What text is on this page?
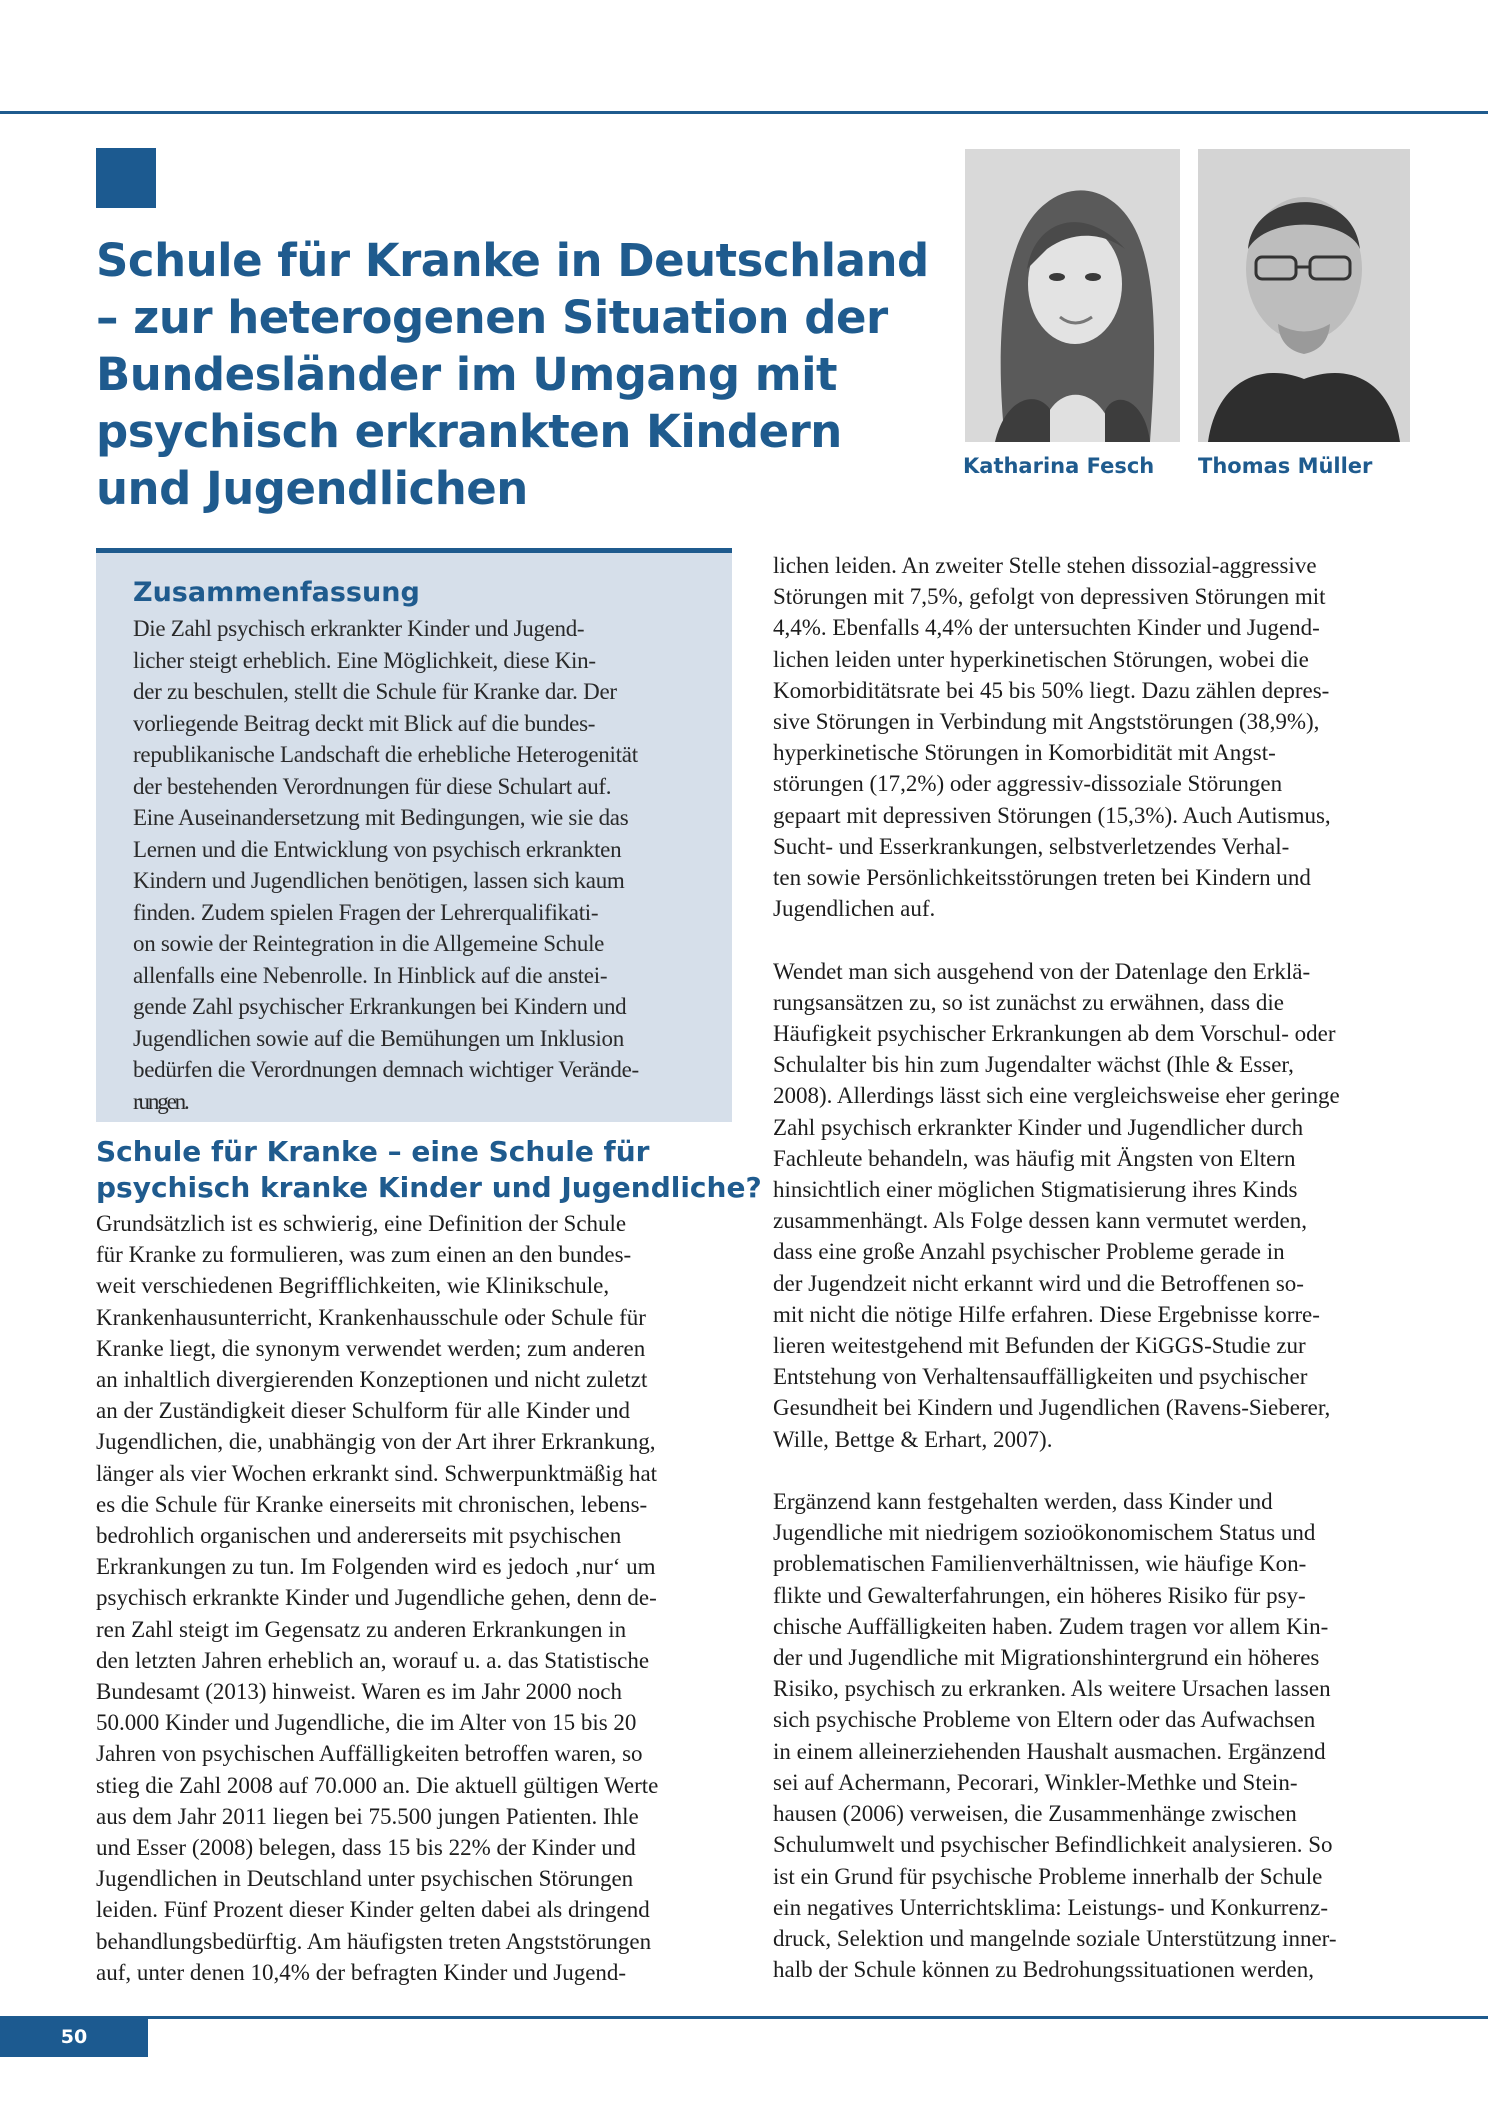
Schule für Kranke in Deutschland
– zur heterogenen Situation der
Bundesländer im Umgang mit
psychisch erkrankten Kindern
und Jugendlichen	Katharina Fesch Thomas Müller

Zusammenfassung
Die Zahl psychisch erkrankter Kinder und Jugend-
licher steigt erheblich. Eine Möglichkeit, diese Kin-
der zu beschulen, stellt die Schule für Kranke dar. Der
vorliegende Beitrag deckt mit Blick auf die bundes-
republikanische Landschaft die erhebliche Heterogenität
der bestehenden Verordnungen für diese Schulart auf.
Eine Auseinandersetzung mit Bedingungen, wie sie das
Lernen und die Entwicklung von psychisch erkrankten
Kindern und Jugendlichen benötigen, lassen sich kaum
finden. Zudem spielen Fragen der Lehrerqualifikati-
on sowie der Reintegration in die Allgemeine Schule
allenfalls eine Nebenrolle. In Hinblick auf die anstei-
gende Zahl psychischer Erkrankungen bei Kindern und
Jugendlichen sowie auf die Bemühungen um Inklusion
bedürfen die Verordnungen demnach wichtiger Verände-
rungen.
Schule für Kranke – eine Schule für
psychisch kranke Kinder und Jugendliche?
Grundsätzlich ist es schwierig, eine Definition der Schule
für Kranke zu formulieren, was zum einen an den bundes-
weit verschiedenen Begrifflichkeiten, wie Klinikschule,
Krankenhausunterricht, Krankenhausschule oder Schule für
Kranke liegt, die synonym verwendet werden; zum anderen
an inhaltlich divergierenden Konzeptionen und nicht zuletzt
an der Zuständigkeit dieser Schulform für alle Kinder und
Jugendlichen, die, unabhängig von der Art ihrer Erkrankung,
länger als vier Wochen erkrankt sind. Schwerpunktmäßig hat
es die Schule für Kranke einerseits mit chronischen, lebens-
bedrohlich organischen und andererseits mit psychischen
Erkrankungen zu tun. Im Folgenden wird es jedoch ‚nur‘ um
psychisch erkrankte Kinder und Jugendliche gehen, denn de-
ren Zahl steigt im Gegensatz zu anderen Erkrankungen in
den letzten Jahren erheblich an, worauf u. a. das Statistische
Bundesamt (2013) hinweist. Waren es im Jahr 2000 noch
50.000 Kinder und Jugendliche, die im Alter von 15 bis 20
Jahren von psychischen Auffälligkeiten betroffen waren, so
stieg die Zahl 2008 auf 70.000 an. Die aktuell gültigen Werte
aus dem Jahr 2011 liegen bei 75.500 jungen Patienten. Ihle
und Esser (2008) belegen, dass 15 bis 22% der Kinder und
Jugendlichen in Deutschland unter psychischen Störungen
leiden. Fünf Prozent dieser Kinder gelten dabei als dringend
behandlungsbedürftig. Am häufigsten treten Angststörungen
auf, unter denen 10,4% der befragten Kinder und Jugend-
lichen leiden. An zweiter Stelle stehen dissozial-aggressive
Störungen mit 7,5%, gefolgt von depressiven Störungen mit
4,4%. Ebenfalls 4,4% der untersuchten Kinder und Jugend-
lichen leiden unter hyperkinetischen Störungen, wobei die
Komorbiditätsrate bei 45 bis 50% liegt. Dazu zählen depres-
sive Störungen in Verbindung mit Angststörungen (38,9%),
hyperkinetische Störungen in Komorbidität mit Angst-
störungen (17,2%) oder aggressiv-dissoziale Störungen
gepaart mit depressiven Störungen (15,3%). Auch Autismus,
Sucht- und Esserkrankungen, selbstverletzendes Verhal-
ten sowie Persönlichkeitsstörungen treten bei Kindern und
Jugendlichen auf.
Wendet man sich ausgehend von der Datenlage den Erklä-
rungsansätzen zu, so ist zunächst zu erwähnen, dass die
Häufigkeit psychischer Erkrankungen ab dem Vorschul- oder
Schulalter bis hin zum Jugendalter wächst (Ihle & Esser,
2008). Allerdings lässt sich eine vergleichsweise eher geringe
Zahl psychisch erkrankter Kinder und Jugendlicher durch
Fachleute behandeln, was häufig mit Ängsten von Eltern
hinsichtlich einer möglichen Stigmatisierung ihres Kinds
zusammenhängt. Als Folge dessen kann vermutet werden,
dass eine große Anzahl psychischer Probleme gerade in
der Jugendzeit nicht erkannt wird und die Betroffenen so-
mit nicht die nötige Hilfe erfahren. Diese Ergebnisse korre-
lieren weitestgehend mit Befunden der KiGGS-Studie zur
Entstehung von Verhaltensauffälligkeiten und psychischer
Gesundheit bei Kindern und Jugendlichen (Ravens-Sieberer,
Wille, Bettge & Erhart, 2007).
Ergänzend kann festgehalten werden, dass Kinder und
Jugendliche mit niedrigem sozioökonomischem Status und
problematischen Familienverhältnissen, wie häufige Kon-
flikte und Gewalterfahrungen, ein höheres Risiko für psy-
chische Auffälligkeiten haben. Zudem tragen vor allem Kin-
der und Jugendliche mit Migrationshintergrund ein höheres
Risiko, psychisch zu erkranken. Als weitere Ursachen lassen
sich psychische Probleme von Eltern oder das Aufwachsen
in einem alleinerziehenden Haushalt ausmachen. Ergänzend
sei auf Achermann, Pecorari, Winkler-Methke und Stein-
hausen (2006) verweisen, die Zusammenhänge zwischen
Schulumwelt und psychischer Befindlichkeit analysieren. So
ist ein Grund für psychische Probleme innerhalb der Schule
ein negatives Unterrichtsklima: Leistungs- und Konkurrenz-
druck, Selektion und mangelnde soziale Unterstützung inner-
halb der Schule können zu Bedrohungssituationen werden,
50
